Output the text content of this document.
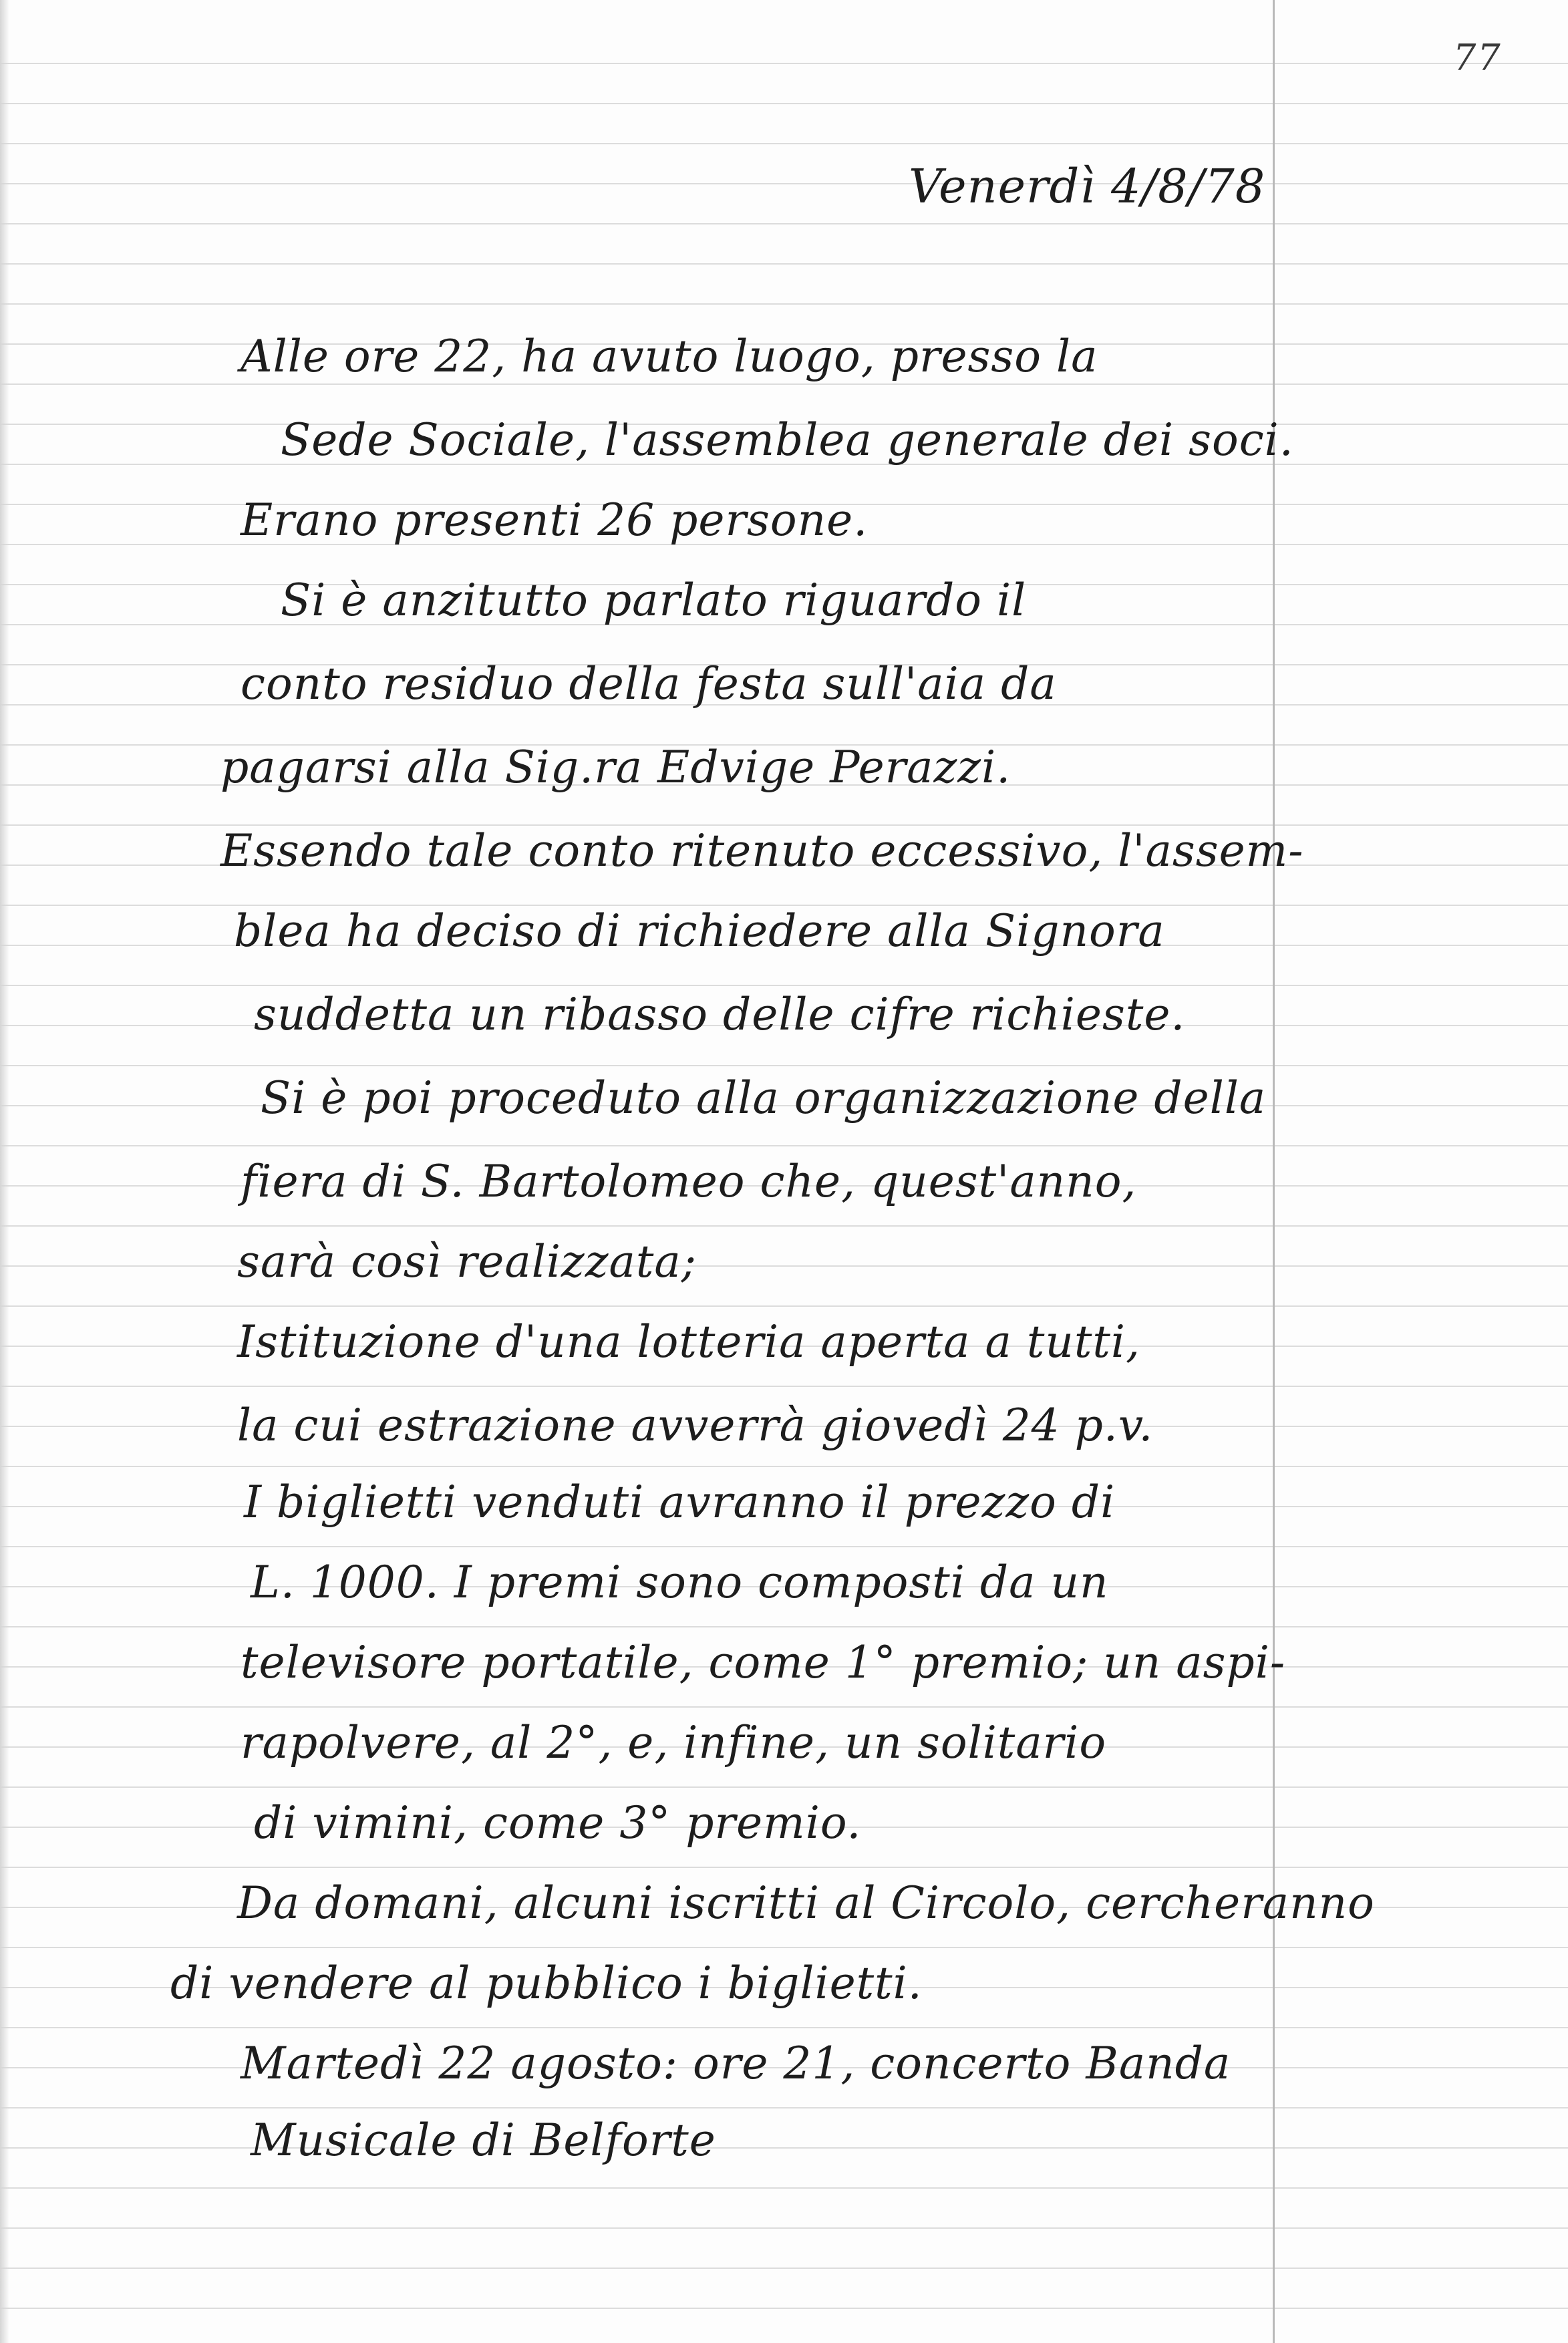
77
Venerdì 4/8/78
Alle ore 22, ha avuto luogo, presso la
Sede Sociale, l'assemblea generale dei soci.
Erano presenti 26 persone.
Si è anzitutto parlato riguardo il
conto residuo della festa sull'aia da
pagarsi alla Sig.ra Edvige Perazzi.
Essendo tale conto ritenuto eccessivo, l'assem-
blea ha deciso di richiedere alla Signora
suddetta un ribasso delle cifre richieste.
Si è poi proceduto alla organizzazione della
fiera di S. Bartolomeo che, quest'anno,
sarà così realizzata;
Istituzione d'una lotteria aperta a tutti,
la cui estrazione avverrà giovedì 24 p.v.
I biglietti venduti avranno il prezzo di
L. 1000. I premi sono composti da un
televisore portatile, come 1° premio; un aspi-
rapolvere, al 2°, e, infine, un solitario
di vimini, come 3° premio.
Da domani, alcuni iscritti al Circolo, cercheranno
di vendere al pubblico i biglietti.
Martedì 22 agosto: ore 21, concerto Banda
Musicale di Belforte
